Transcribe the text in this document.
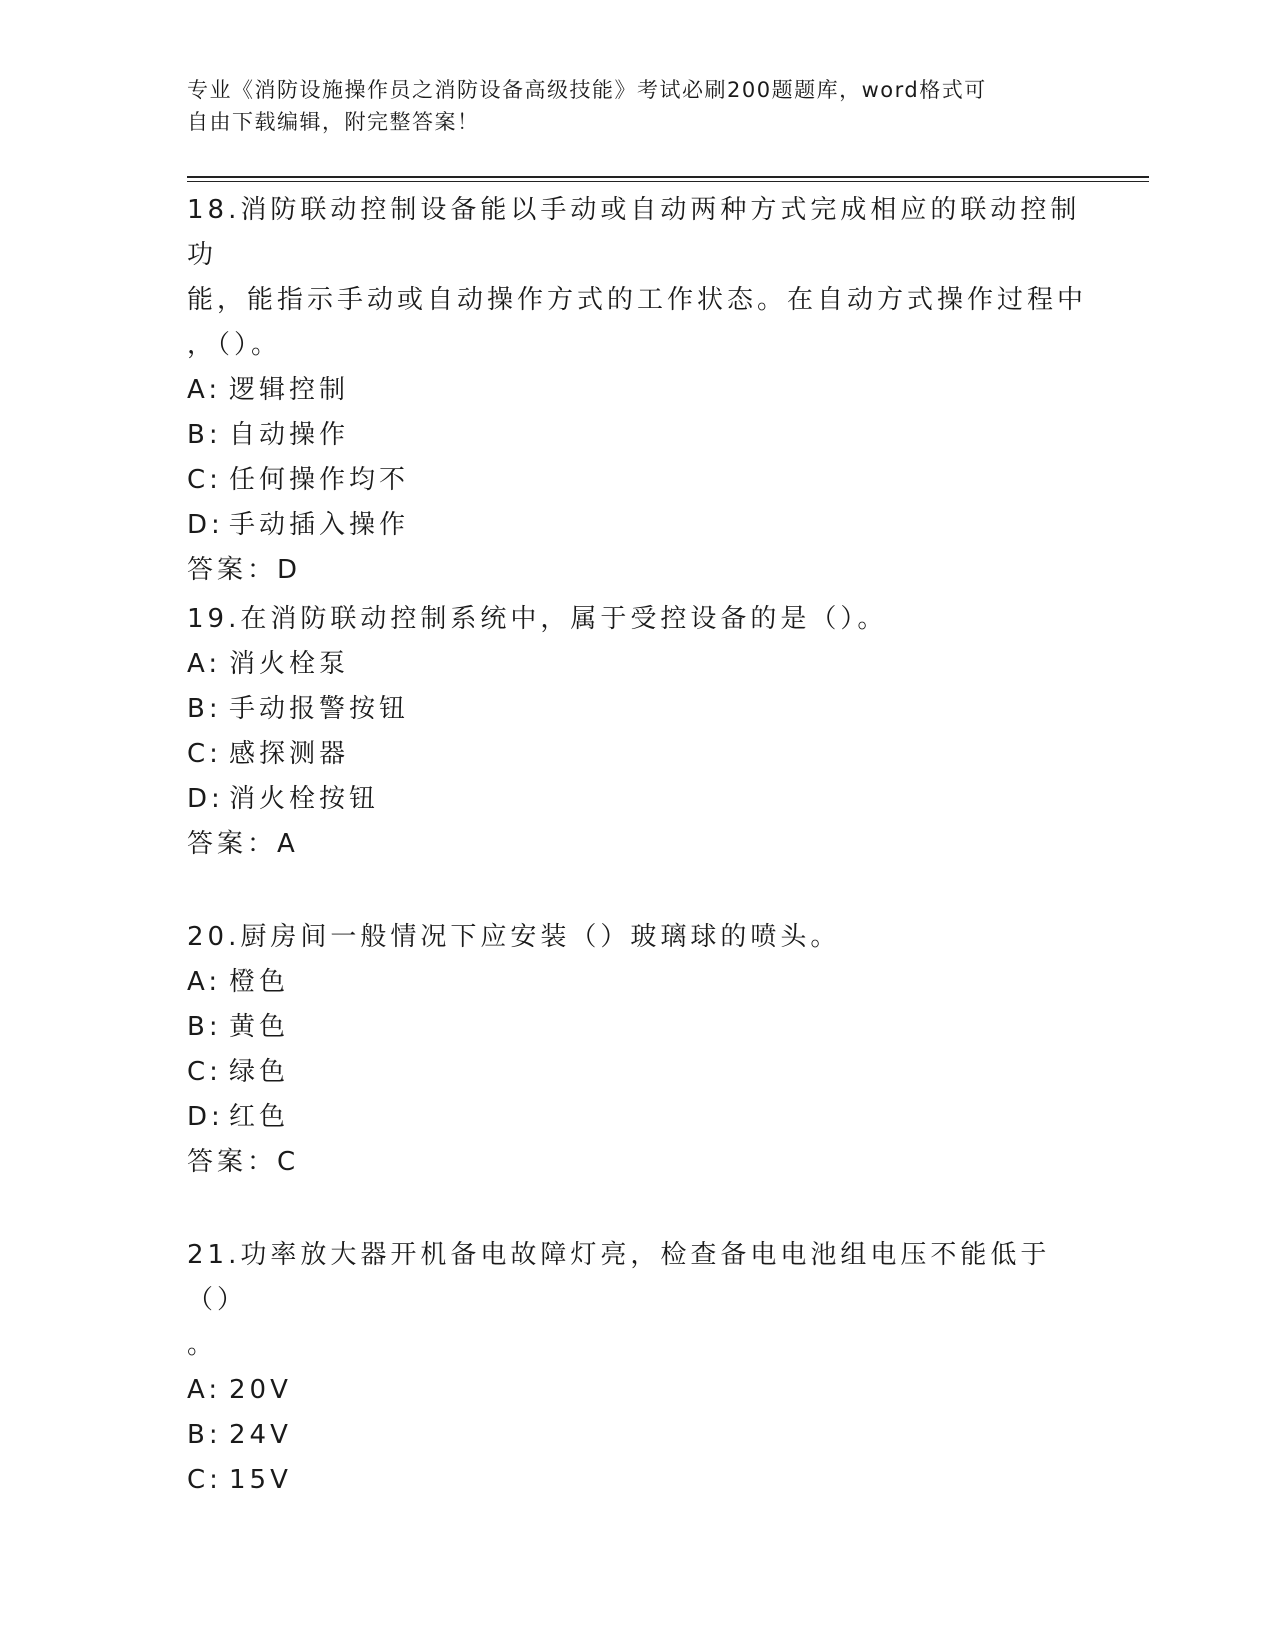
专业《消防设施操作员之消防设备高级技能》考试必刷200题题库，word格式可
自由下载编辑，附完整答案！
18.消防联动控制设备能以手动或自动两种方式完成相应的联动控制功
能，能指示手动或自动操作方式的工作状态。在自动方式操作过程中
，（）。
A: 逻辑控制
B: 自动操作
C: 任何操作均不
D: 手动插入操作
答案：D
19.在消防联动控制系统中，属于受控设备的是（）。
A: 消火栓泵
B: 手动报警按钮
C: 感探测器
D: 消火栓按钮
答案：A
20.厨房间一般情况下应安装（）玻璃球的喷头。
A: 橙色
B: 黄色
C: 绿色
D: 红色
答案：C
21.功率放大器开机备电故障灯亮，检查备电电池组电压不能低于（）
。
A: 20V
B: 24V
C: 15V
